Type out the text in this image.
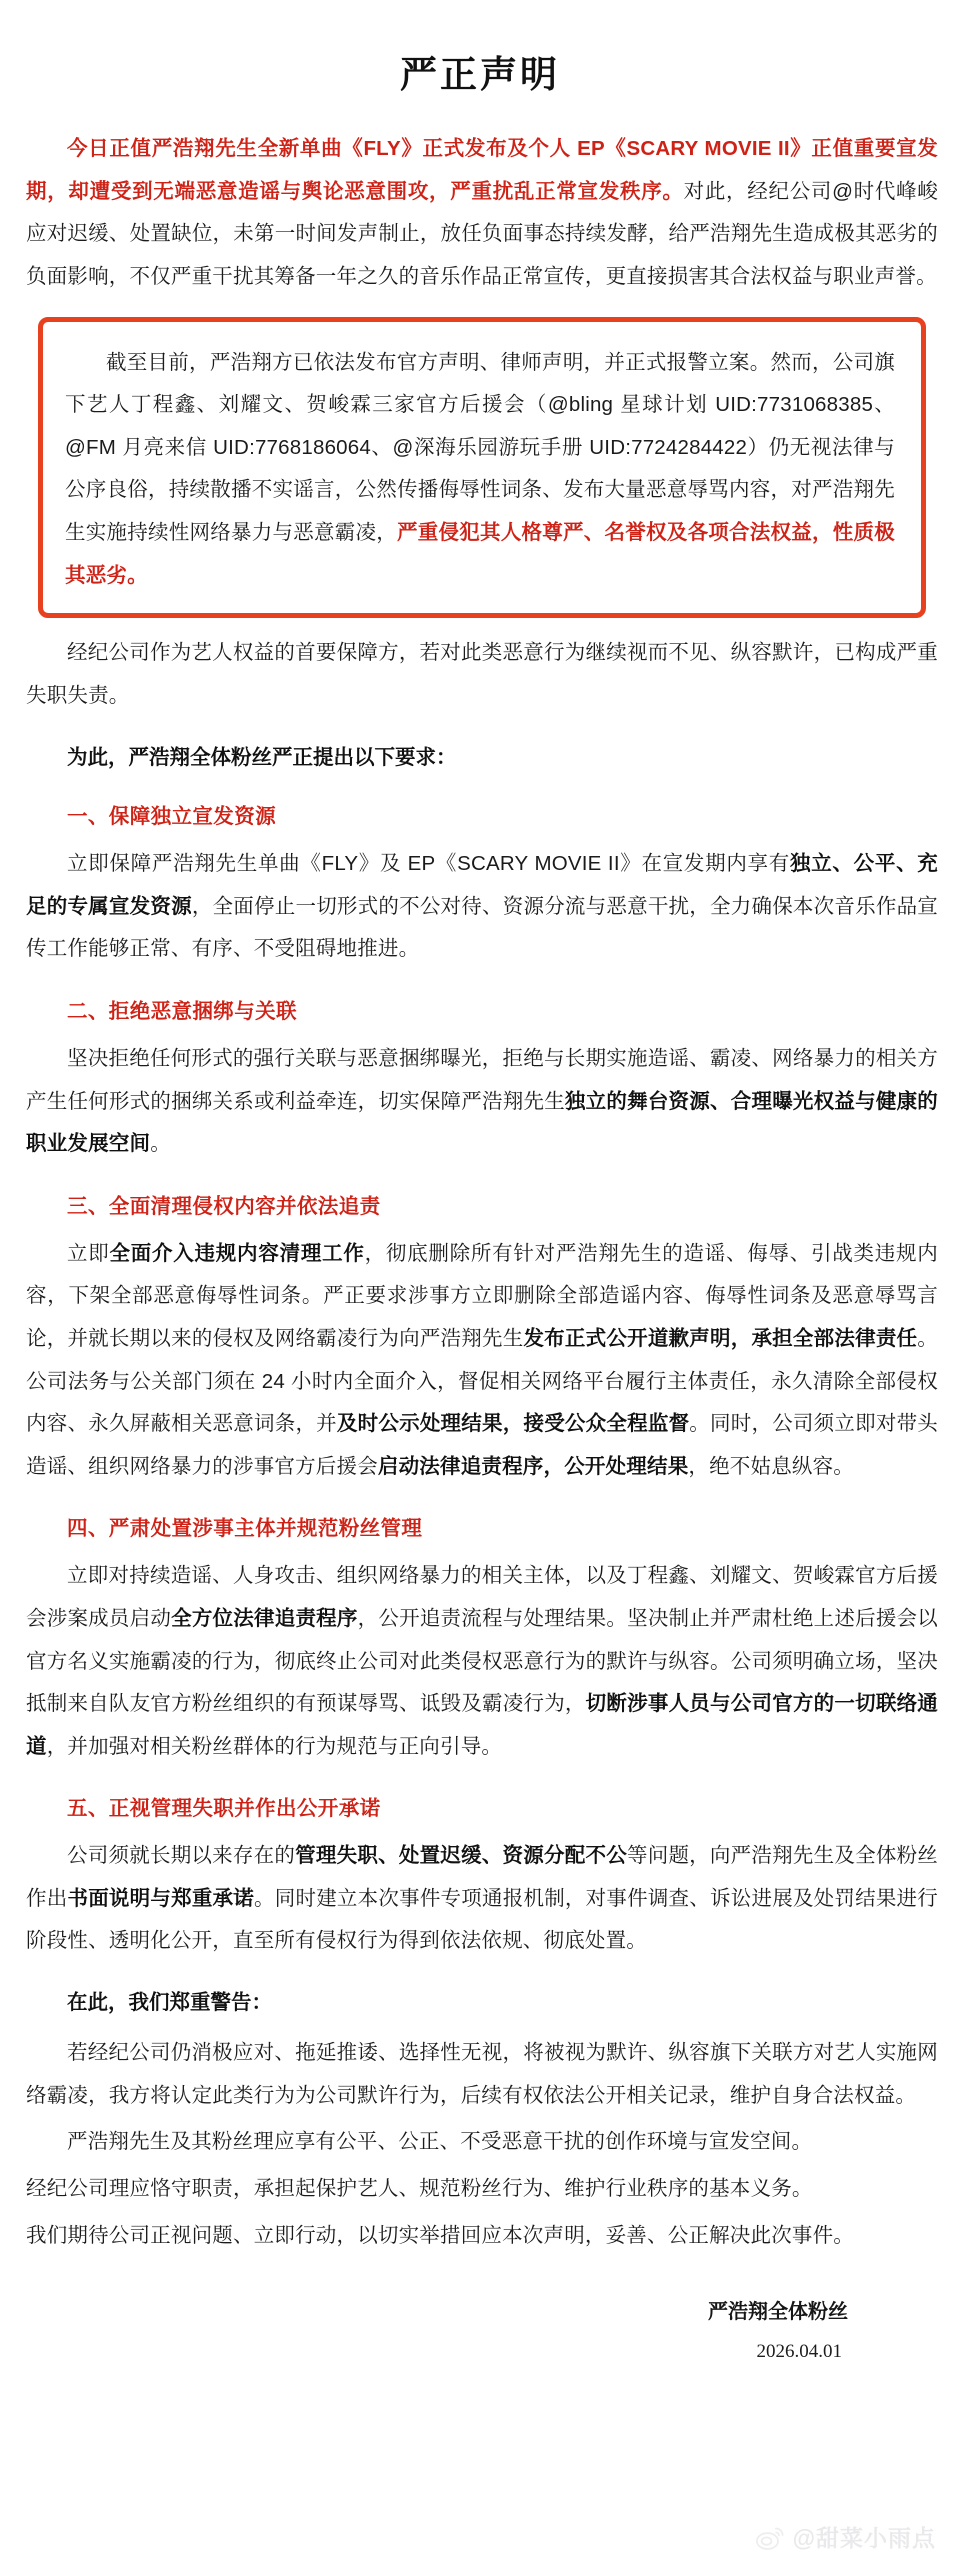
严正声明

今日正值严浩翔先生全新单曲《FLY》正式发布及个人 EP《SCARY MOVIE II》正值重要宣发期，却遭受到无端恶意造谣与舆论恶意围攻，严重扰乱正常宣发秩序。对此，经纪公司@时代峰峻 应对迟缓、处置缺位，未第一时间发声制止，放任负面事态持续发酵，给严浩翔先生造成极其恶劣的负面影响，不仅严重干扰其筹备一年之久的音乐作品正常宣传，更直接损害其合法权益与职业声誉。

截至目前，严浩翔方已依法发布官方声明、律师声明，并正式报警立案。然而，公司旗下艺人丁程鑫、刘耀文、贺峻霖三家官方后援会（@bling 星球计划 UID:7731068385、@FM 月亮来信 UID:7768186064、@深海乐园游玩手册 UID:7724284422）仍无视法律与公序良俗，持续散播不实谣言，公然传播侮辱性词条、发布大量恶意辱骂内容，对严浩翔先生实施持续性网络暴力与恶意霸凌，严重侵犯其人格尊严、名誉权及各项合法权益，性质极其恶劣。

经纪公司作为艺人权益的首要保障方，若对此类恶意行为继续视而不见、纵容默许，已构成严重失职失责。

为此，严浩翔全体粉丝严正提出以下要求：
一、保障独立宣发资源

立即保障严浩翔先生单曲《FLY》及 EP《SCARY MOVIE II》在宣发期内享有独立、公平、充足的专属宣发资源，全面停止一切形式的不公对待、资源分流与恶意干扰，全力确保本次音乐作品宣传工作能够正常、有序、不受阻碍地推进。

二、拒绝恶意捆绑与关联

坚决拒绝任何形式的强行关联与恶意捆绑曝光，拒绝与长期实施造谣、霸凌、网络暴力的相关方产生任何形式的捆绑关系或利益牵连，切实保障严浩翔先生独立的舞台资源、合理曝光权益与健康的职业发展空间。

三、全面清理侵权内容并依法追责

立即全面介入违规内容清理工作，彻底删除所有针对严浩翔先生的造谣、侮辱、引战类违规内容，下架全部恶意侮辱性词条。严正要求涉事方立即删除全部造谣内容、侮辱性词条及恶意辱骂言论，并就长期以来的侵权及网络霸凌行为向严浩翔先生发布正式公开道歉声明，承担全部法律责任。公司法务与公关部门须在 24 小时内全面介入，督促相关网络平台履行主体责任，永久清除全部侵权内容、永久屏蔽相关恶意词条，并及时公示处理结果，接受公众全程监督。同时，公司须立即对带头造谣、组织网络暴力的涉事官方后援会启动法律追责程序，公开处理结果，绝不姑息纵容。

四、严肃处置涉事主体并规范粉丝管理

立即对持续造谣、人身攻击、组织网络暴力的相关主体，以及丁程鑫、刘耀文、贺峻霖官方后援会涉案成员启动全方位法律追责程序，公开追责流程与处理结果。坚决制止并严肃杜绝上述后援会以官方名义实施霸凌的行为，彻底终止公司对此类侵权恶意行为的默许与纵容。公司须明确立场，坚决抵制来自队友官方粉丝组织的有预谋辱骂、诋毁及霸凌行为，切断涉事人员与公司官方的一切联络通道，并加强对相关粉丝群体的行为规范与正向引导。

五、正视管理失职并作出公开承诺

公司须就长期以来存在的管理失职、处置迟缓、资源分配不公等问题，向严浩翔先生及全体粉丝作出书面说明与郑重承诺。同时建立本次事件专项通报机制，对事件调查、诉讼进展及处罚结果进行阶段性、透明化公开，直至所有侵权行为得到依法依规、彻底处置。

在此，我们郑重警告：

若经纪公司仍消极应对、拖延推诿、选择性无视，将被视为默许、纵容旗下关联方对艺人实施网络霸凌，我方将认定此类行为为公司默许行为，后续有权依法公开相关记录，维护自身合法权益。

严浩翔先生及其粉丝理应享有公平、公正、不受恶意干扰的创作环境与宣发空间。

经纪公司理应恪守职责，承担起保护艺人、规范粉丝行为、维护行业秩序的基本义务。

我们期待公司正视问题、立即行动，以切实举措回应本次声明，妥善、公正解决此次事件。

严浩翔全体粉丝
2026.04.01
@甜菜小雨点
